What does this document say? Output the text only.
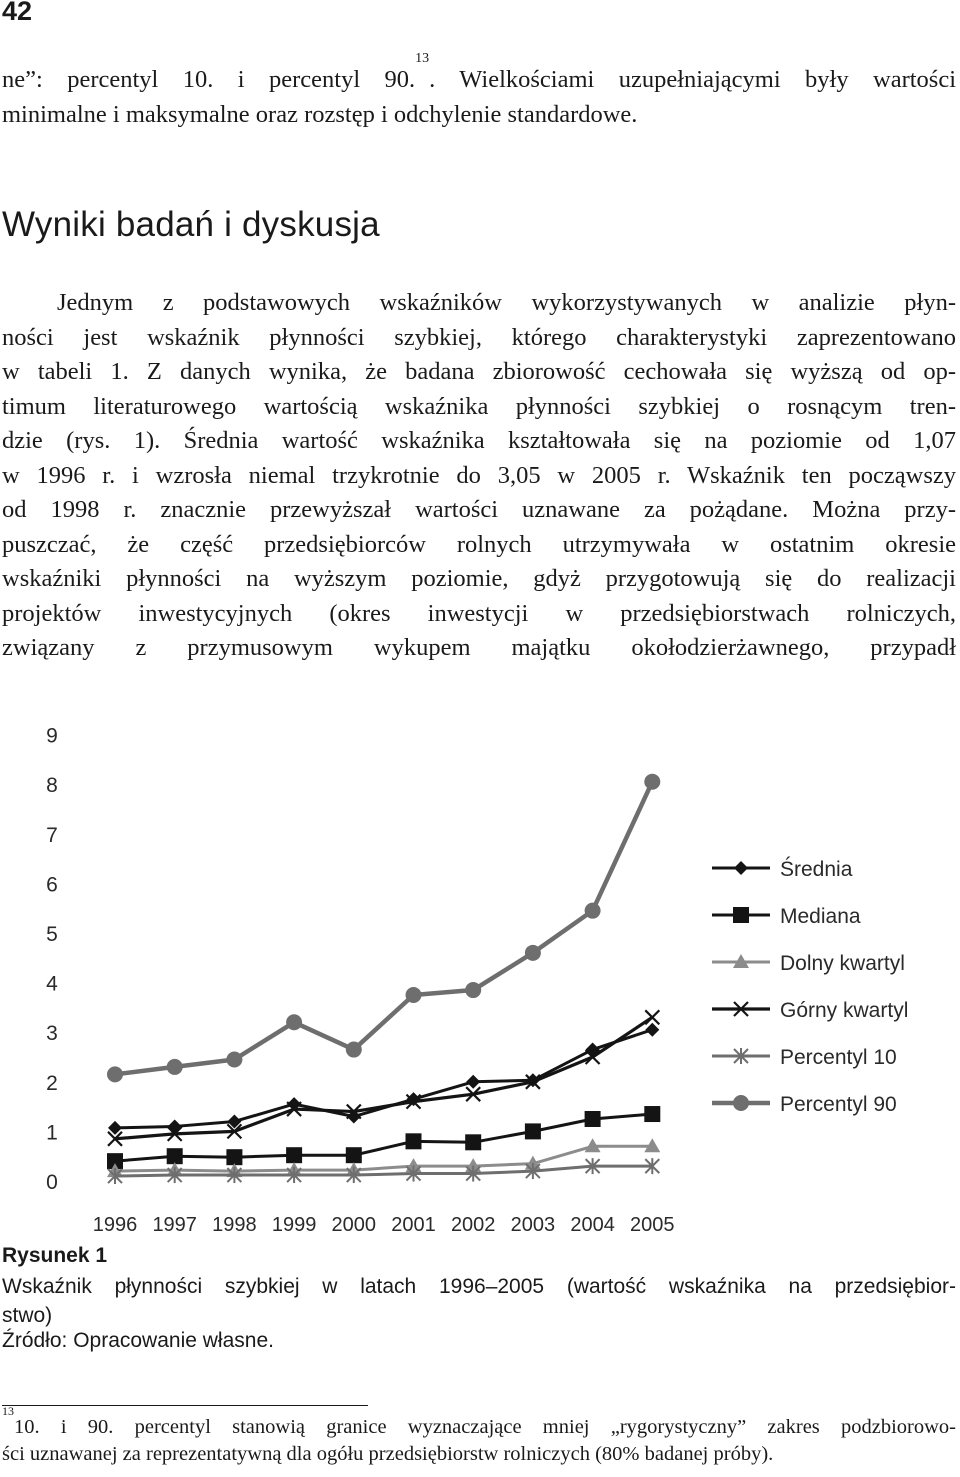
42
ne”: percentyl 10. i percentyl 90.13. Wielkościami uzupełniającymi były wartości
minimalne i maksymalne oraz rozstęp i odchylenie standardowe.
Wyniki badań i dyskusja
Jednym z podstawowych wskaźników wykorzystywanych w analizie płyn-
ności jest wskaźnik płynności szybkiej, którego charakterystyki zaprezentowano
w tabeli 1. Z danych wynika, że badana zbiorowość cechowała się wyższą od op-
timum literaturowego wartością wskaźnika płynności szybkiej o rosnącym tren-
dzie (rys. 1). Średnia wartość wskaźnika kształtowała się na poziomie od 1,07
w 1996 r. i wzrosła niemal trzykrotnie do 3,05 w 2005 r. Wskaźnik ten począwszy
od 1998 r. znacznie przewyższał wartości uznawane za pożądane. Można przy-
puszczać, że część przedsiębiorców rolnych utrzymywała w ostatnim okresie
wskaźniki płynności na wyższym poziomie, gdyż przygotowują się do realizacji
projektów inwestycyjnych (okres inwestycji w przedsiębiorstwach rolniczych,
związany z przymusowym wykupem majątku okołodzierżawnego, przypadł
0
1
2
3
4
5
6
7
8
9
1996 1997 1998 1999 2000 2001 2002 2003 2004 2005
Średnia
Mediana
Dolny kwartyl
Górny kwartyl
Percentyl 10
Percentyl 90
Rysunek 1
Wskaźnik płynności szybkiej w latach 1996–2005 (wartość wskaźnika na przedsiębior-
stwo)
Źródło: Opracowanie własne.
$^{13}$10. i 90. percentyl stanowią granice wyznaczające mniej „rygorystyczny” zakres podzbiorowo-
ści uznawanej za reprezentatywną dla ogółu przedsiębiorstw rolniczych (80% badanej próby).
